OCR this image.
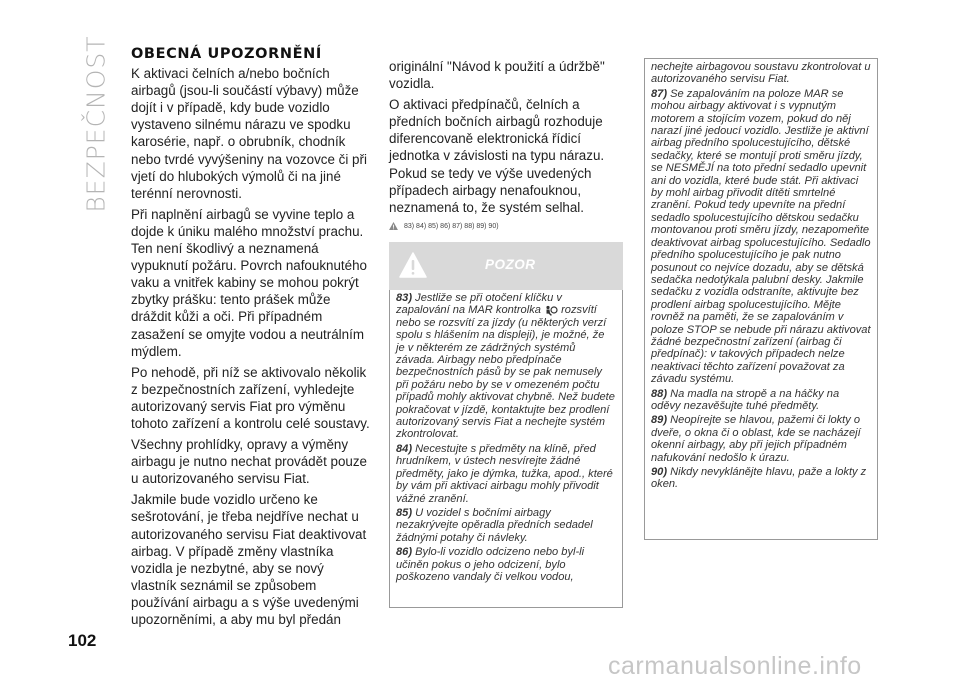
BEZPEČNOST OBECNÁ UPOZORNĚNÍ

K aktivaci čelních a/nebo bočních airbagů (jsou-li součástí výbavy) může dojít i v případě, kdy bude vozidlo vystaveno silnému nárazu ve spodku karosérie, např. o obrubník, chodník nebo tvrdé vyvýšeniny na vozovce či při vjetí do hlubokých výmolů či na jiné terénní nerovnosti.

Při naplnění airbagů se vyvine teplo a dojde k úniku malého množství prachu. Ten není škodlivý a neznamená vypuknutí požáru. Povrch nafouknutého vaku a vnitřek kabiny se mohou pokrýt zbytky prášku: tento prášek může dráždit kůži a oči. Při případném zasažení se omyjte vodou a neutrálním mýdlem.

Po nehodě, při níž se aktivovalo několik z bezpečnostních zařízení, vyhledejte autorizovaný servis Fiat pro výměnu tohoto zařízení a kontrolu celé soustavy.

Všechny prohlídky, opravy a výměny airbagu je nutno nechat provádět pouze u autorizovaného servisu Fiat.

Jakmile bude vozidlo určeno ke sešrotování, je třeba nejdříve nechat u autorizovaného servisu Fiat deaktivovat airbag. V případě změny vlastníka vozidla je nezbytné, aby se nový vlastník seznámil se způsobem používání airbagu a s výše uvedenými upozorněními, a aby mu byl předán

originální "Návod k použití a údržbě" vozidla.

O aktivaci předpínačů, čelních a předních bočních airbagů rozhoduje diferencovaně elektronická řídicí jednotka v závislosti na typu nárazu. Pokud se tedy ve výše uvedených případech airbagy nenafouknou, neznamená to, že systém selhal.

83) 84) 85) 86) 87) 88) 89) 90)
POZOR
83) Jestliže se při otočení klíčku v zapalování na MAR kontrolka rozsvítí nebo se rozsvítí za jízdy (u některých verzí spolu s hlášením na displeji), je možné, že je v některém ze zádržných systémů závada. Airbagy nebo předpínače bezpečnostních pásů by se pak nemusely při požáru nebo by se v omezeném počtu případů mohly aktivovat chybně. Než budete pokračovat v jízdě, kontaktujte bez prodlení autorizovaný servis Fiat a nechejte systém zkontrolovat.
84) Necestujte s předměty na klíně, před hrudníkem, v ústech nesvírejte žádné předměty, jako je dýmka, tužka, apod., které by vám při aktivaci airbagu mohly přivodit vážné zranění.
85) U vozidel s bočními airbagy nezakrývejte opěradla předních sedadel žádnými potahy či návleky.
86) Bylo-li vozidlo odcizeno nebo byl-li učiněn pokus o jeho odcizení, bylo poškozeno vandaly či velkou vodou,
nechejte airbagovou soustavu zkontrolovat u autorizovaného servisu Fiat.
87) Se zapalováním na poloze MAR se mohou airbagy aktivovat i s vypnutým motorem a stojícím vozem, pokud do něj narazí jiné jedoucí vozidlo. Jestliže je aktivní airbag předního spolucestujícího, dětské sedačky, které se montují proti směru jízdy, se NESMĚJÍ na toto přední sedadlo upevnit ani do vozidla, které bude stát. Při aktivaci by mohl airbag přivodit dítěti smrtelné zranění. Pokud tedy upevníte na přední sedadlo spolucestujícího dětskou sedačku montovanou proti směru jízdy, nezapomeňte deaktivovat airbag spolucestujícího. Sedadlo předního spolucestujícího je pak nutno posunout co nejvíce dozadu, aby se dětská sedačka nedotýkala palubní desky. Jakmile sedačku z vozidla odstraníte, aktivujte bez prodlení airbag spolucestujícího. Mějte rovněž na paměti, že se zapalováním v poloze STOP se nebude při nárazu aktivovat žádné bezpečnostní zařízení (airbag či předpínač): v takových případech nelze neaktivaci těchto zařízení považovat za závadu systému.
88) Na madla na stropě a na háčky na oděvy nezavěšujte tuhé předměty.
89) Neopírejte se hlavou, pažemi či lokty o dveře, o okna či o oblast, kde se nacházejí okenní airbagy, aby při jejich případném nafukování nedošlo k úrazu.
90) Nikdy nevyklánějte hlavu, paže a lokty z oken.
102
carmanualsonline.info
